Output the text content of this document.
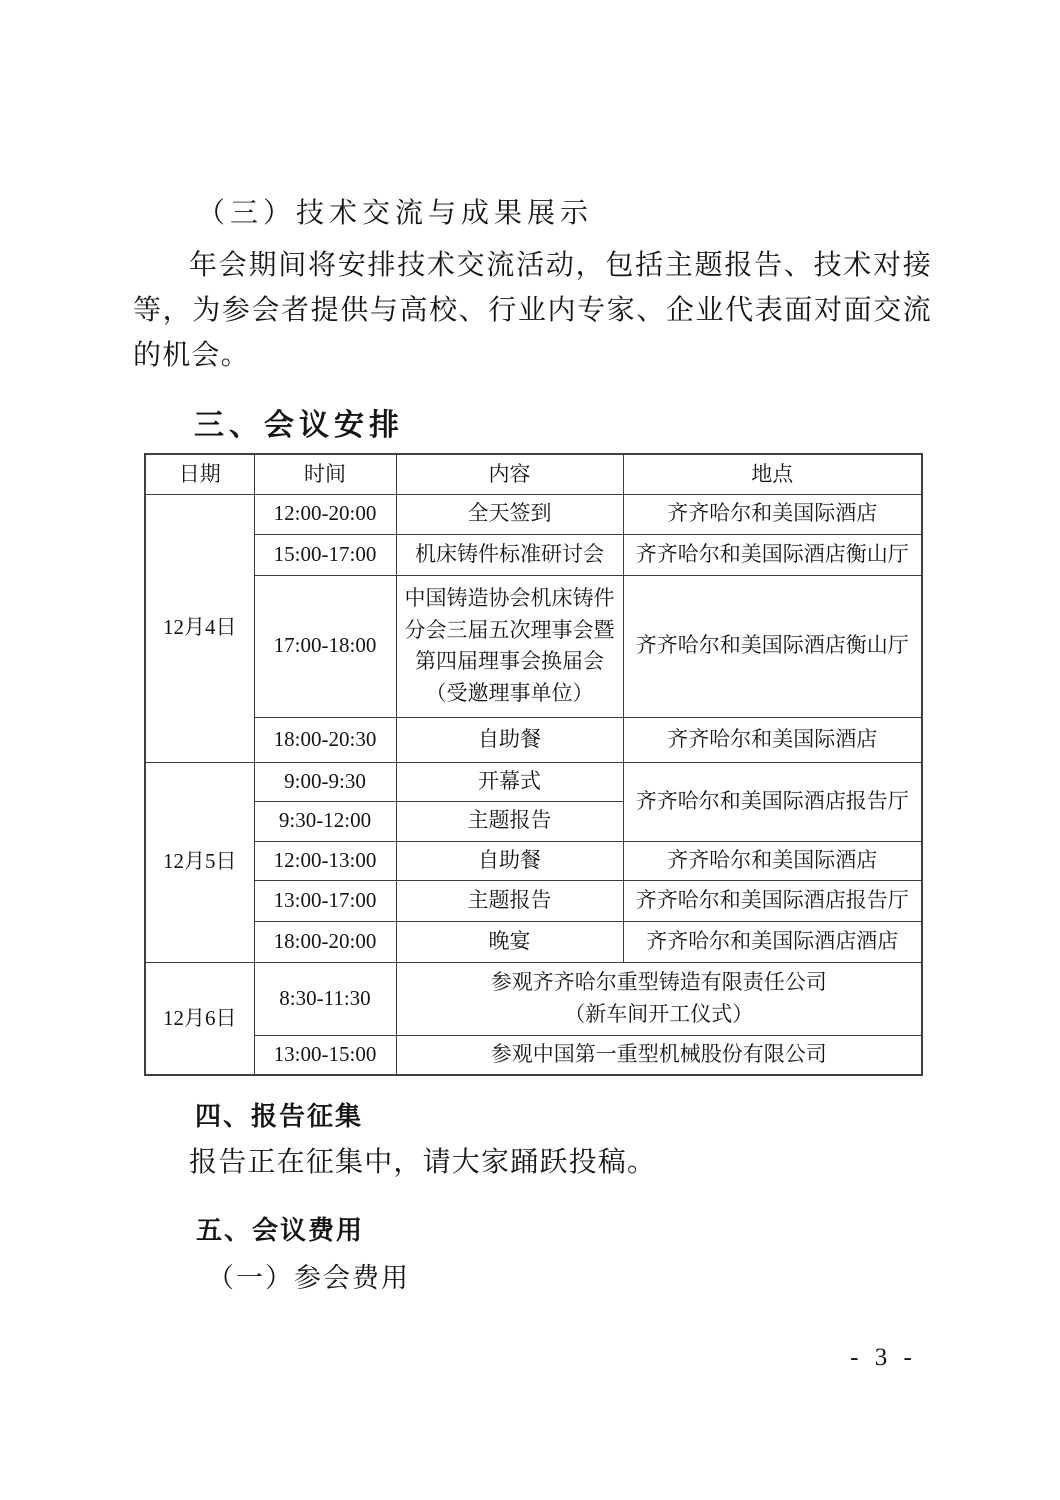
（三）技术交流与成果展示
年会期间将安排技术交流活动，包括主题报告、技术对接等，为参会者提供与高校、行业内专家、企业代表面对面交流的机会。
三、会议安排
日期	时间	内容	地点
12月4日	12:00-20:00	全天签到	齐齐哈尔和美国际酒店
	15:00-17:00	机床铸件标准研讨会	齐齐哈尔和美国际酒店衡山厅
	17:00-18:00	中国铸造协会机床铸件分会三届五次理事会暨第四届理事会换届会（受邀理事单位）	齐齐哈尔和美国际酒店衡山厅
	18:00-20:30	自助餐	齐齐哈尔和美国际酒店
12月5日	9:00-9:30	开幕式	齐齐哈尔和美国际酒店报告厅
	9:30-12:00	主题报告	
	12:00-13:00	自助餐	齐齐哈尔和美国际酒店
	13:00-17:00	主题报告	齐齐哈尔和美国际酒店报告厅
	18:00-20:00	晚宴	齐齐哈尔和美国际酒店酒店
12月6日	8:30-11:30	参观齐齐哈尔重型铸造有限责任公司
（新车间开工仪式）	

	13:00-15:00	参观中国第一重型机械股份有限公司	
四、报告征集
报告正在征集中，请大家踊跃投稿。
五、会议费用
（一）参会费用
- 3 -
